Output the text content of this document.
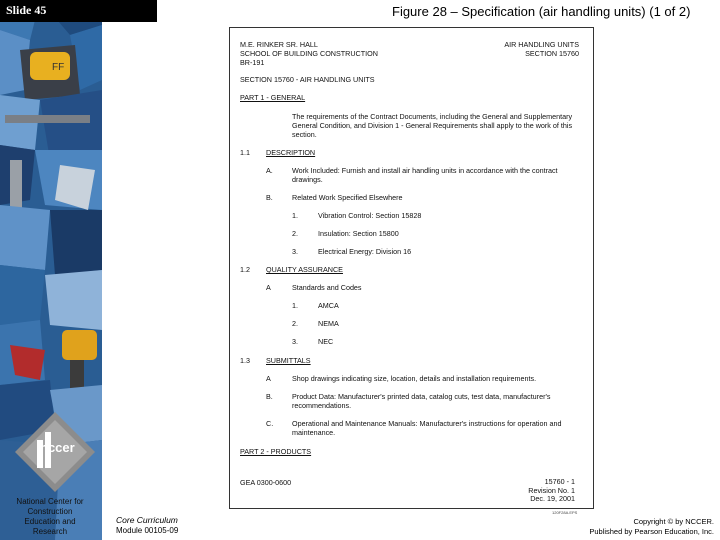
FF
nccer
Slide 45	Figure 28 – Specification (air handling units) (1 of 2)
M.E. RINKER SR. HALL
SCHOOL OF BUILDING CONSTRUCTION
BR-191
AIR HANDLING UNITS
SECTION 15760
SECTION 15760 - AIR HANDLING UNITS
PART 1 - GENERAL
The requirements of the Contract Documents, including the General and Supplementary General Condition, and Division 1 - General Requirements shall apply to the work of this section.
1.1 DESCRIPTION
A.	Work Included: Furnish and install air handling units in accordance with the contract drawings.
B.	Related Work Specified Elsewhere
1.	Vibration Control: Section 15828
2.	Insulation: Section 15800
3.	Electrical Energy: Division 16
1.2 QUALITY ASSURANCE
A	Standards and Codes
1.	AMCA
2.	NEMA
3.	NEC
1.3 SUBMITTALS
A	Shop drawings indicating size, location, details and installation requirements.
B.	Product Data: Manufacturer's printed data, catalog cuts, test data, manufacturer's recommendations.
C.	Operational and Maintenance Manuals: Manufacturer's instructions for operation and maintenance.
PART 2 - PRODUCTS
GEA 0300-0600	15760 - 1
Revision No. 1
Dec. 19, 2001
120F28A.EPS
National Center for Construction Education and Research
Core Curriculum
Module 00105-09
Copyright © by NCCER.
Published by Pearson Education, Inc.
